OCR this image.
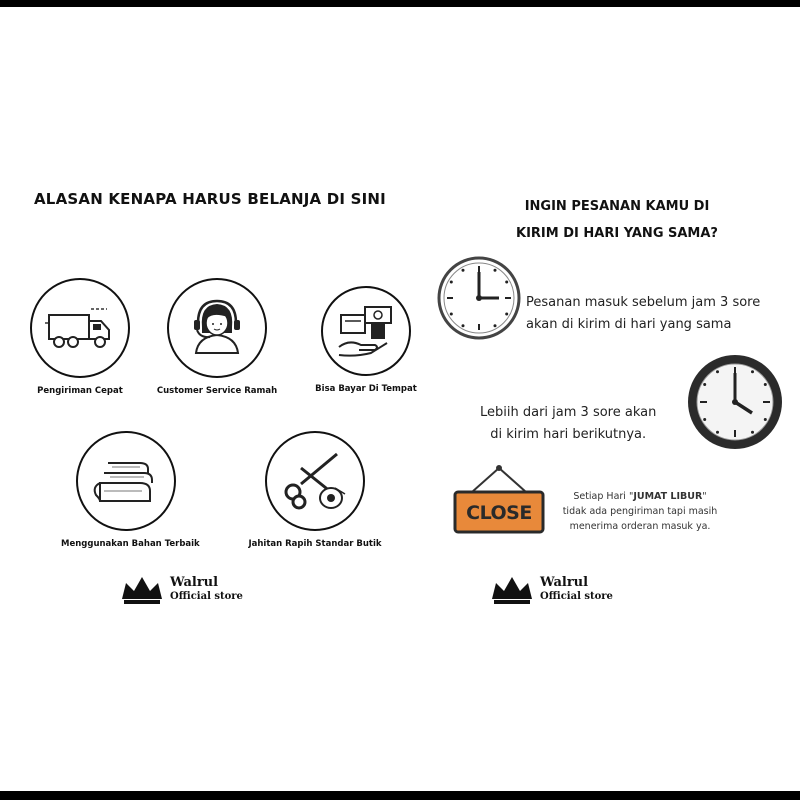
ALASAN KENAPA HARUS BELANJA DI SINI
Pengiriman Cepat	Customer Service Ramah	Bisa Bayar Di Tempat
Menggunakan Bahan Terbaik	Jahitan Rapih Standar Butik
Walrul
Official store
INGIN PESANAN KAMU DI
KIRIM DI HARI YANG SAMA?
Pesanan masuk sebelum jam 3 sore
akan di kirim di hari yang sama
Lebiih dari jam 3 sore akan
di kirim hari berikutnya.
CLOSE
Setiap Hari "JUMAT LIBUR" tidak ada pengiriman tapi masih menerima orderan masuk ya.
Walrul
Official store
